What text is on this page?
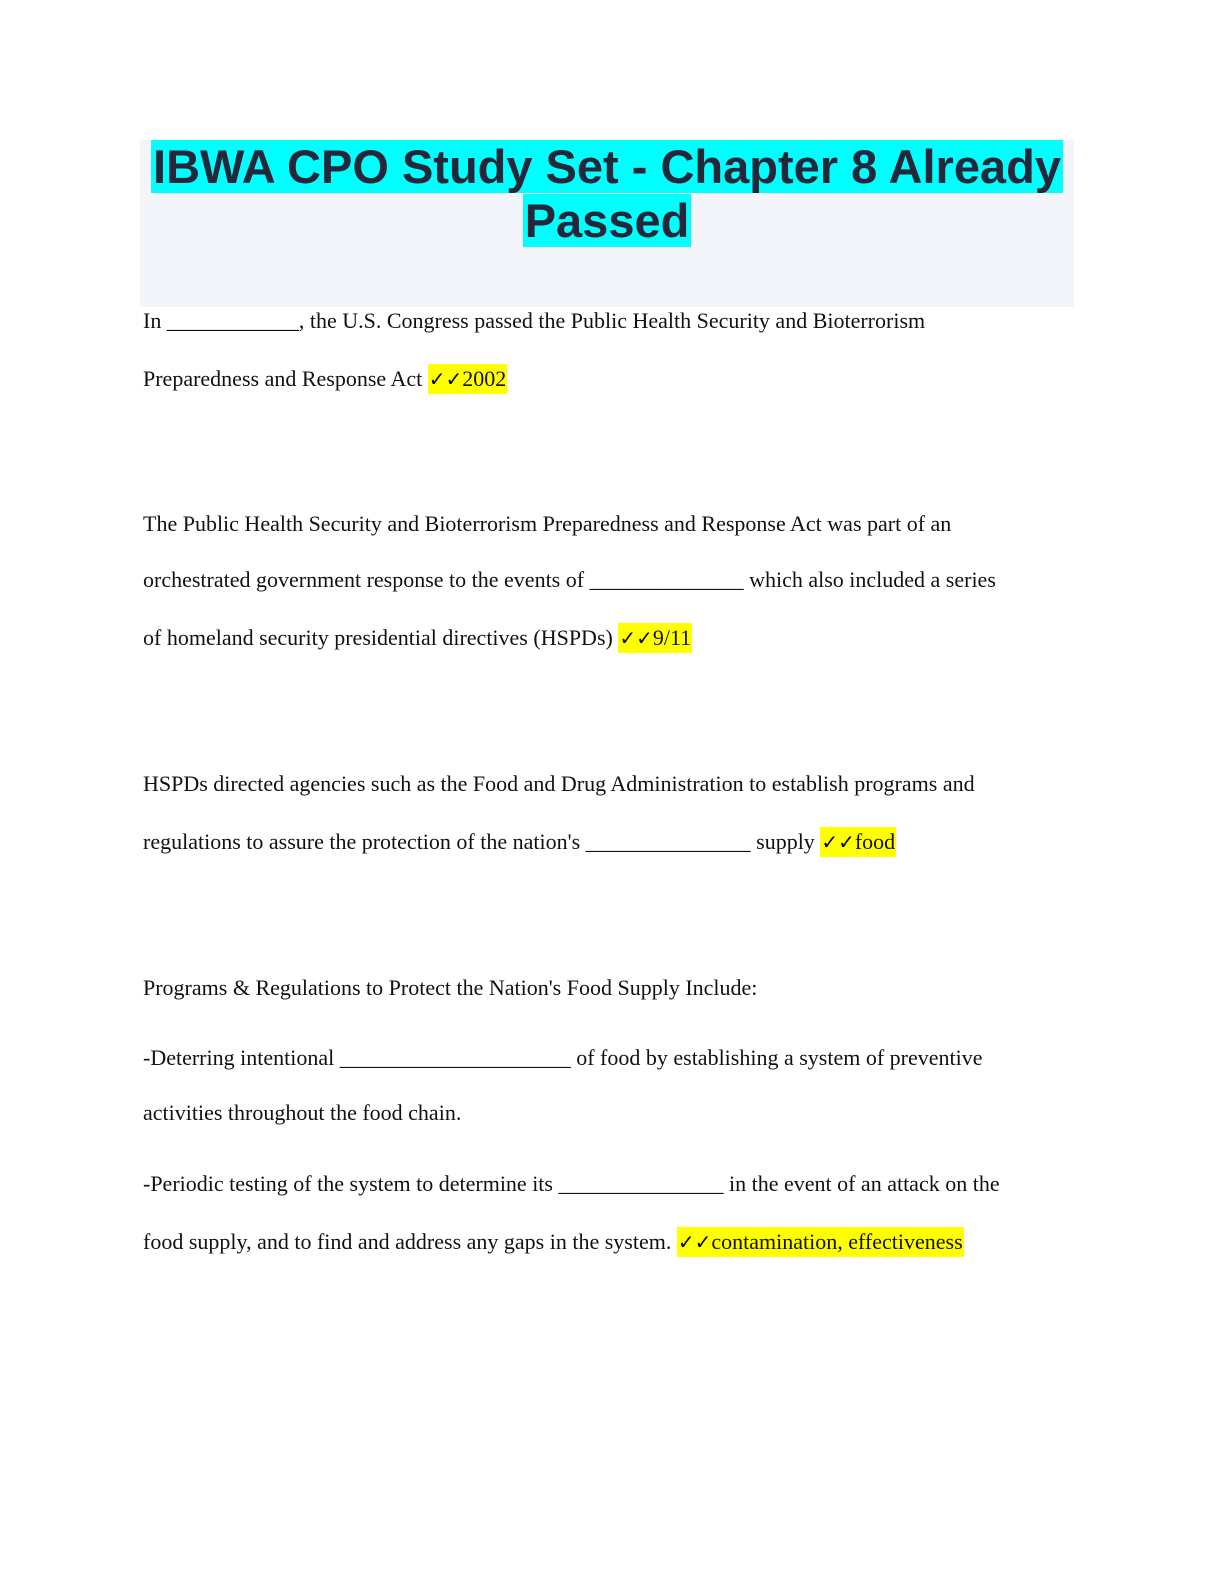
IBWA CPO Study Set - Chapter 8 Already
Passed

In ____________, the U.S. Congress passed the Public Health Security and Bioterrorism

Preparedness and Response Act ✓✓2002

The Public Health Security and Bioterrorism Preparedness and Response Act was part of an

orchestrated government response to the events of ______________ which also included a series

of homeland security presidential directives (HSPDs) ✓✓9/11

HSPDs directed agencies such as the Food and Drug Administration to establish programs and

regulations to assure the protection of the nation's _______________ supply ✓✓food

Programs & Regulations to Protect the Nation's Food Supply Include:

-Deterring intentional _____________________ of food by establishing a system of preventive

activities throughout the food chain.

-Periodic testing of the system to determine its _______________ in the event of an attack on the

food supply, and to find and address any gaps in the system. ✓✓contamination, effectiveness
